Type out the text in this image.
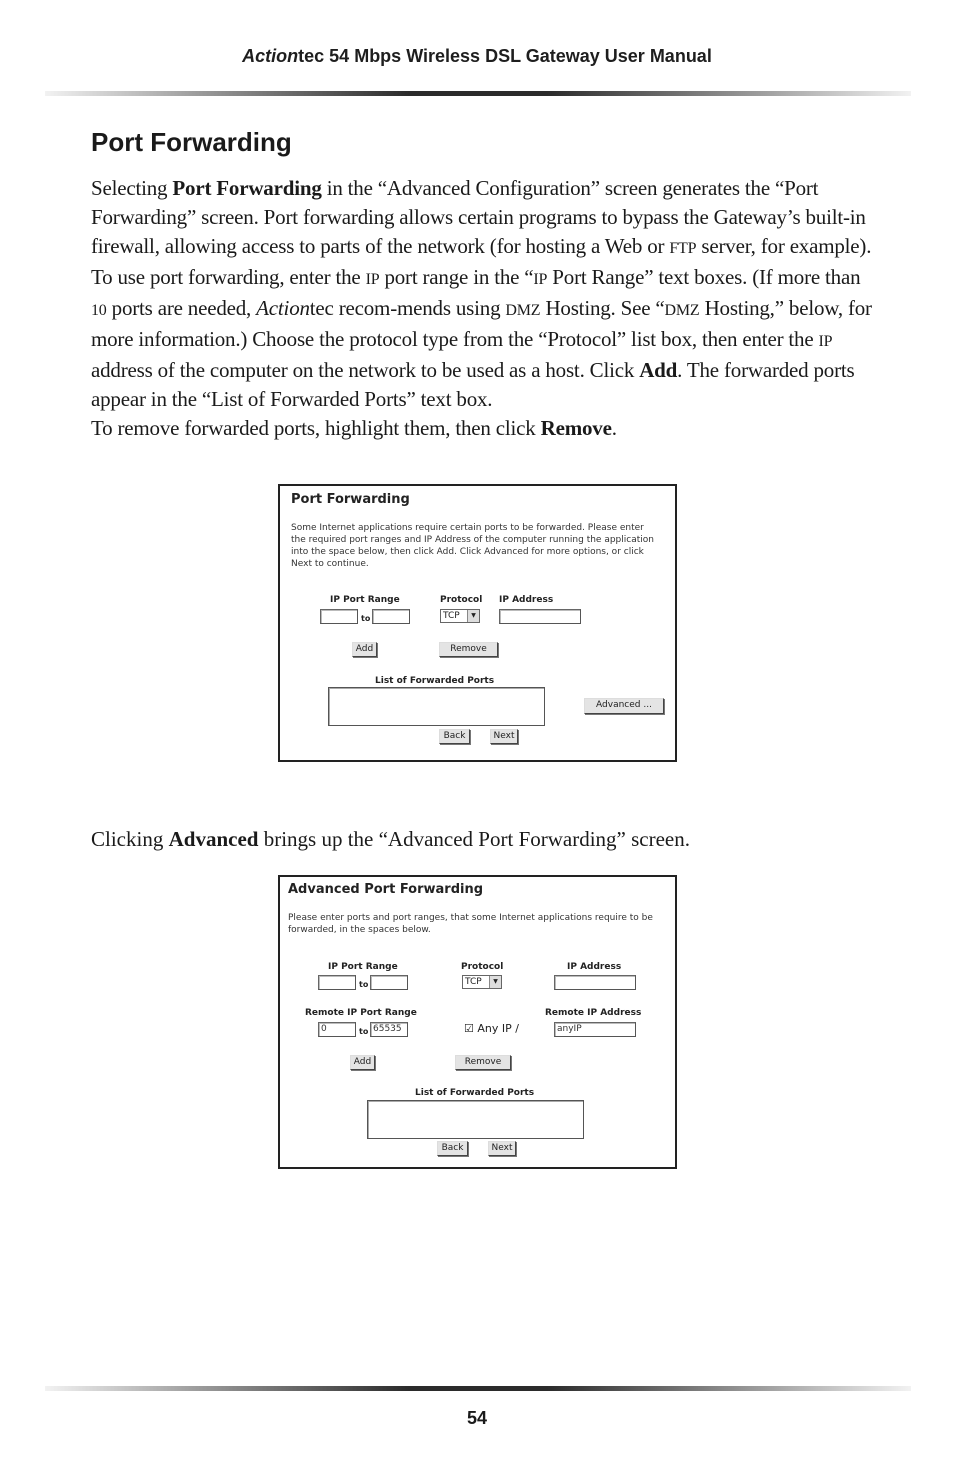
Actiontec 54 Mbps Wireless DSL Gateway User Manual
Port Forwarding

Selecting Port Forwarding in the “Advanced Configuration” screen generates the “Port Forwarding” screen. Port forwarding allows certain programs to bypass the Gateway’s built-in firewall, allowing access to parts of the network (for hosting a Web or FTP server, for example). To use port forwarding, enter the IP port range in the “IP Port Range” text boxes. (If more than 10 ports are needed, Actiontec recom-mends using DMZ Hosting. See “DMZ Hosting,” below, for more information.) Choose the protocol type from the “Protocol” list box, then enter the IP address of the computer on the network to be used as a host. Click Add. The forwarded ports appear in the “List of Forwarded Ports” text box.

To remove forwarded ports, highlight them, then click Remove.

Port Forwarding
Some Internet applications require certain ports to be forwarded. Please enter the required port ranges and IP Address of the computer running the application into the space below, then click Add. Click Advanced for more options, or click Next to continue.
IP Port Range
to
Protocol
TCP	▼
IP Address
Add	Remove
List of Forwarded Ports
Advanced ...
Back	Next
Clicking Advanced brings up the “Advanced Port Forwarding” screen.
Advanced Port Forwarding
Please enter ports and port ranges, that some Internet applications require to be forwarded, in the spaces below.
IP Port Range
to
Protocol
TCP	▼
IP Address
Remote IP Port Range
0	to 65535	☑ Any IP /
Remote IP Address
anyIP
Add	Remove
List of Forwarded Ports
Back	Next
54
